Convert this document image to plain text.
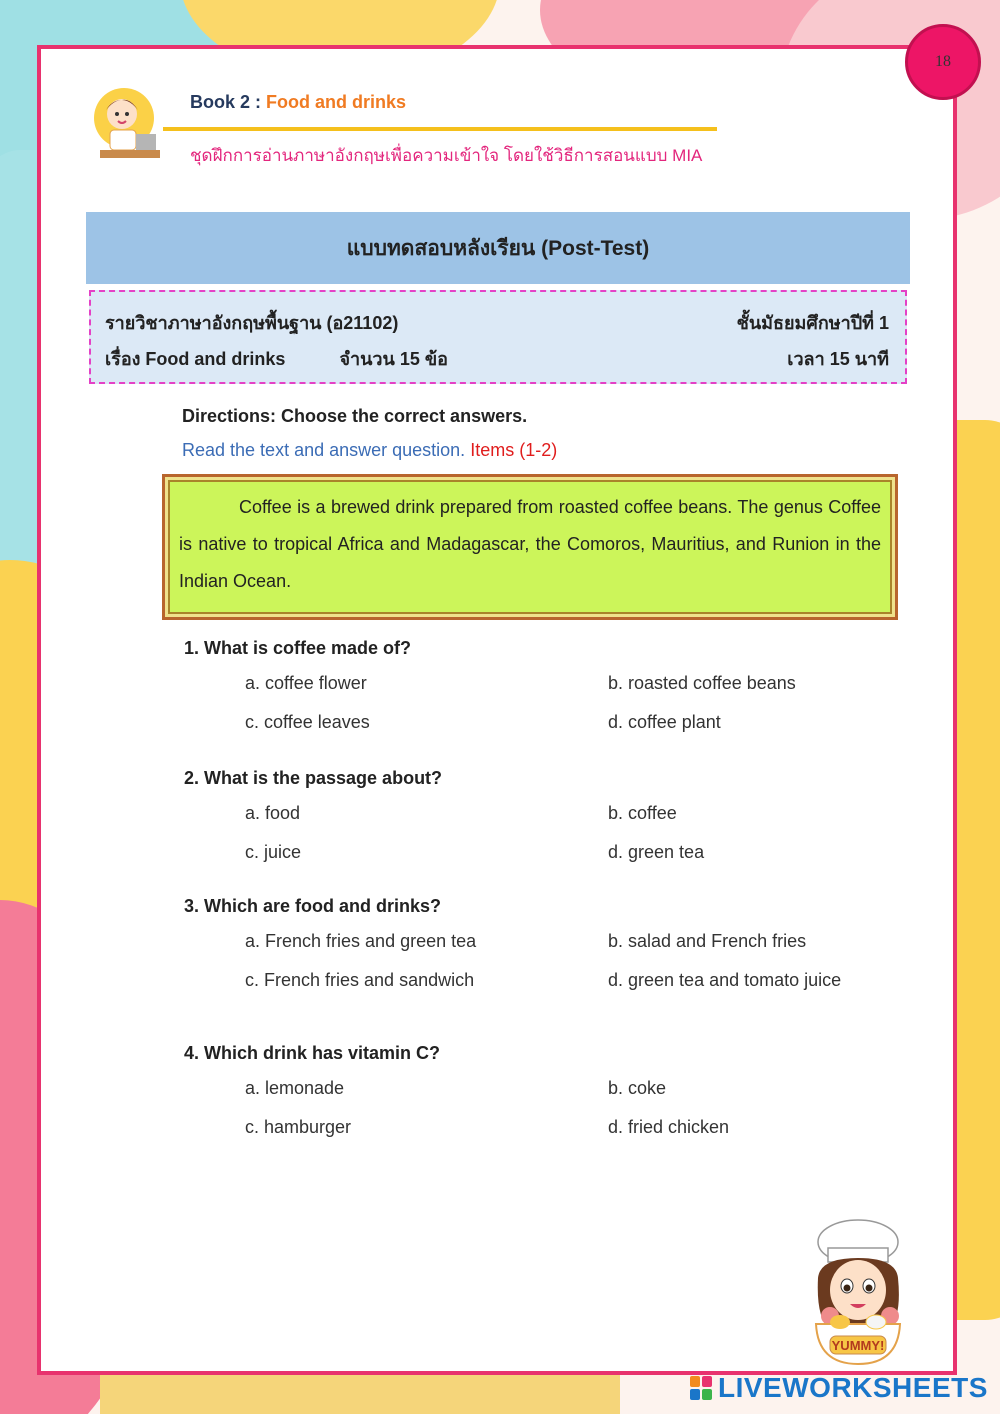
18
Book 2 : Food and drinks
ชุดฝึกการอ่านภาษาอังกฤษเพื่อความเข้าใจ โดยใช้วิธีการสอนแบบ MIA
แบบทดสอบหลังเรียน (Post-Test)
รายวิชาภาษาอังกฤษพื้นฐาน (อ21102)	ชั้นมัธยมศึกษาปีที่ 1
เรื่อง Food and drinks	จำนวน 15 ข้อ	เวลา 15 นาที
Directions: Choose the correct answers.
Read the text and answer question. Items (1-2)
Coffee is a brewed drink prepared from roasted coffee beans. The genus Coffee is native to tropical Africa and Madagascar, the Comoros, Mauritius, and Runion in the Indian Ocean.
1. What is coffee made of?
a. coffee flower	b. roasted coffee beans
c. coffee leaves	d. coffee plant
2. What is the passage about?
a. food	b. coffee
c. juice	d. green tea
3. Which are food and drinks?
a. French fries and green tea	b. salad and French fries
c. French fries and sandwich	d. green tea and tomato juice
4. Which drink has vitamin C?
a. lemonade	b. coke
c. hamburger	d. fried chicken
YUMMY!
LIVEWORKSHEETS
